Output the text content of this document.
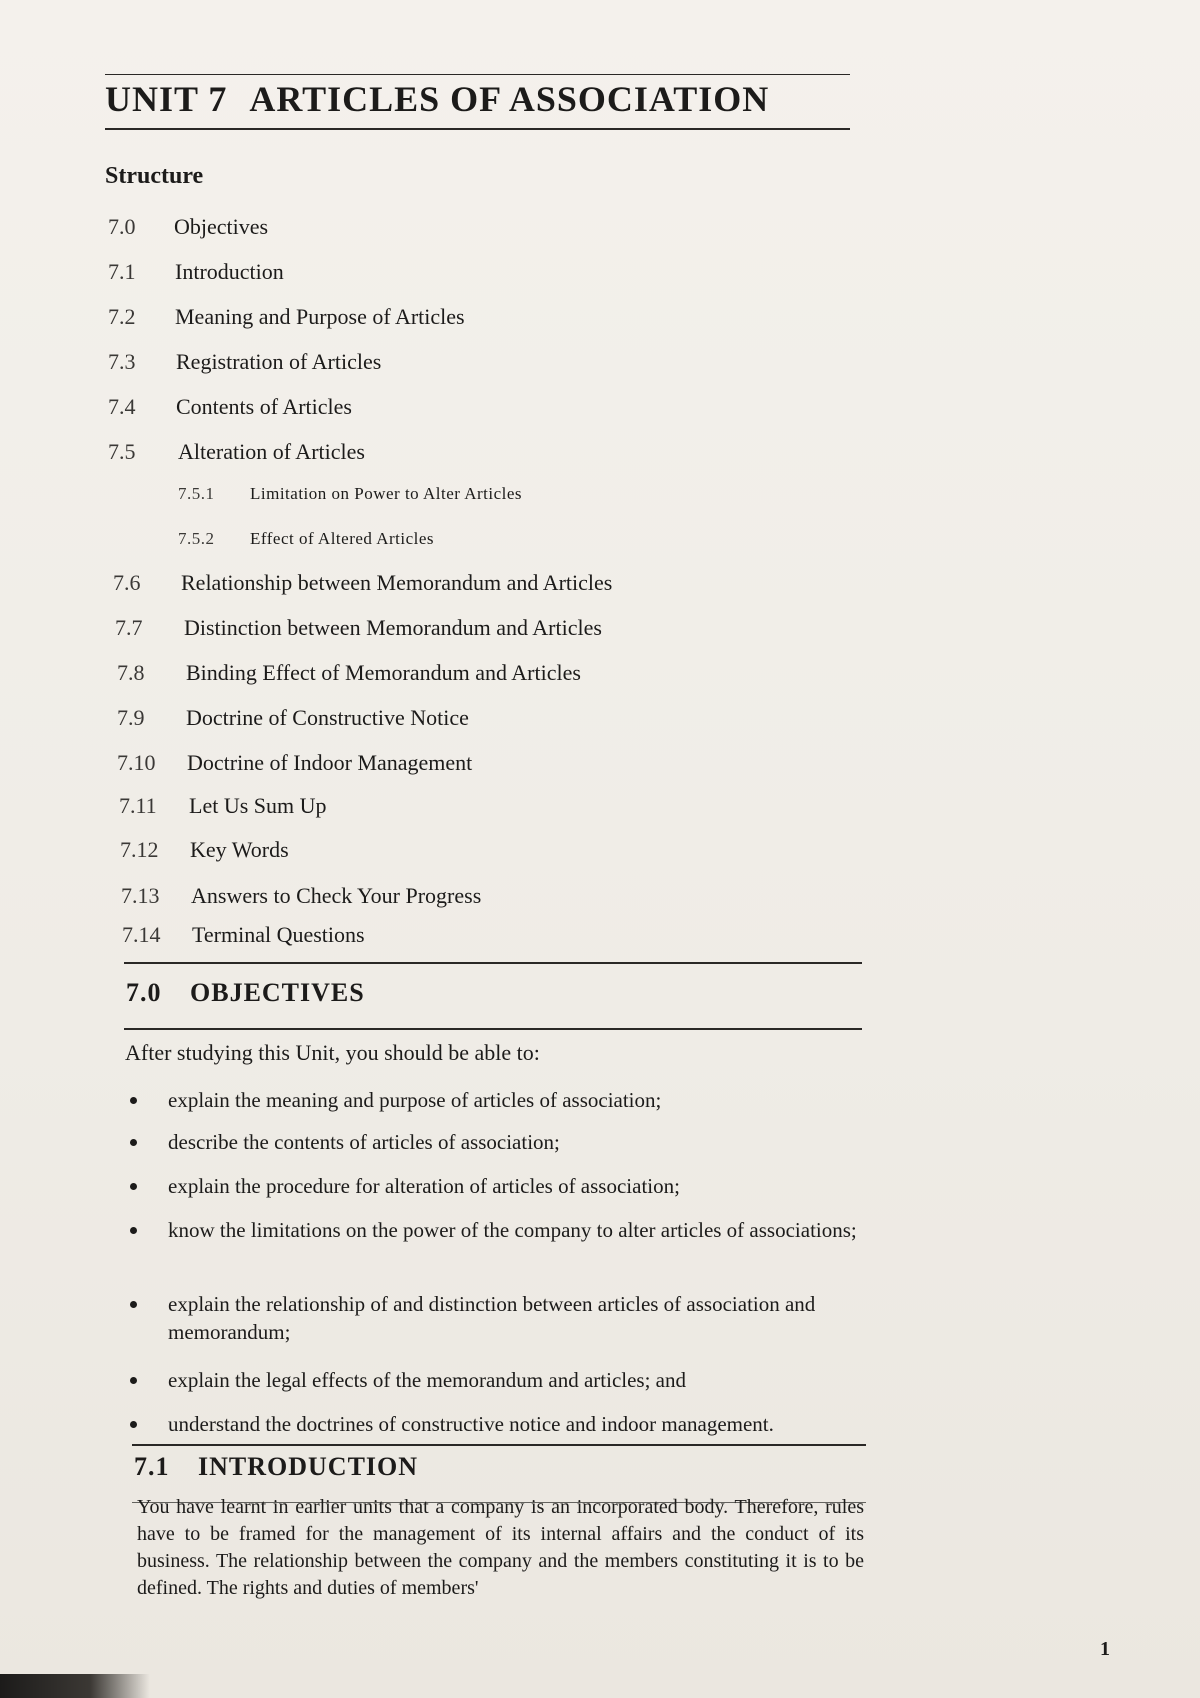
UNIT 7 ARTICLES OF ASSOCIATION
Structure
7.0 Objectives
7.1 Introduction
7.2 Meaning and Purpose of Articles
7.3 Registration of Articles
7.4 Contents of Articles
7.5 Alteration of Articles
7.5.1 Limitation on Power to Alter Articles
7.5.2 Effect of Altered Articles
7.6 Relationship between Memorandum and Articles
7.7 Distinction between Memorandum and Articles
7.8 Binding Effect of Memorandum and Articles
7.9 Doctrine of Constructive Notice
7.10 Doctrine of Indoor Management
7.11 Let Us Sum Up
7.12 Key Words
7.13 Answers to Check Your Progress
7.14 Terminal Questions
7.0 OBJECTIVES

After studying this Unit, you should be able to:

explain the meaning and purpose of articles of association;
describe the contents of articles of association;
explain the procedure for alteration of articles of association;
know the limitations on the power of the company to alter articles of associations;
explain the relationship of and distinction between articles of association and memorandum;
explain the legal effects of the memorandum and articles; and
understand the doctrines of constructive notice and indoor management.
7.1 INTRODUCTION

You have learnt in earlier units that a company is an incorporated body. Therefore, rules have to be framed for the management of its internal affairs and the conduct of its business. The relationship between the company and the members constituting it is to be defined. The rights and duties of members'

1
